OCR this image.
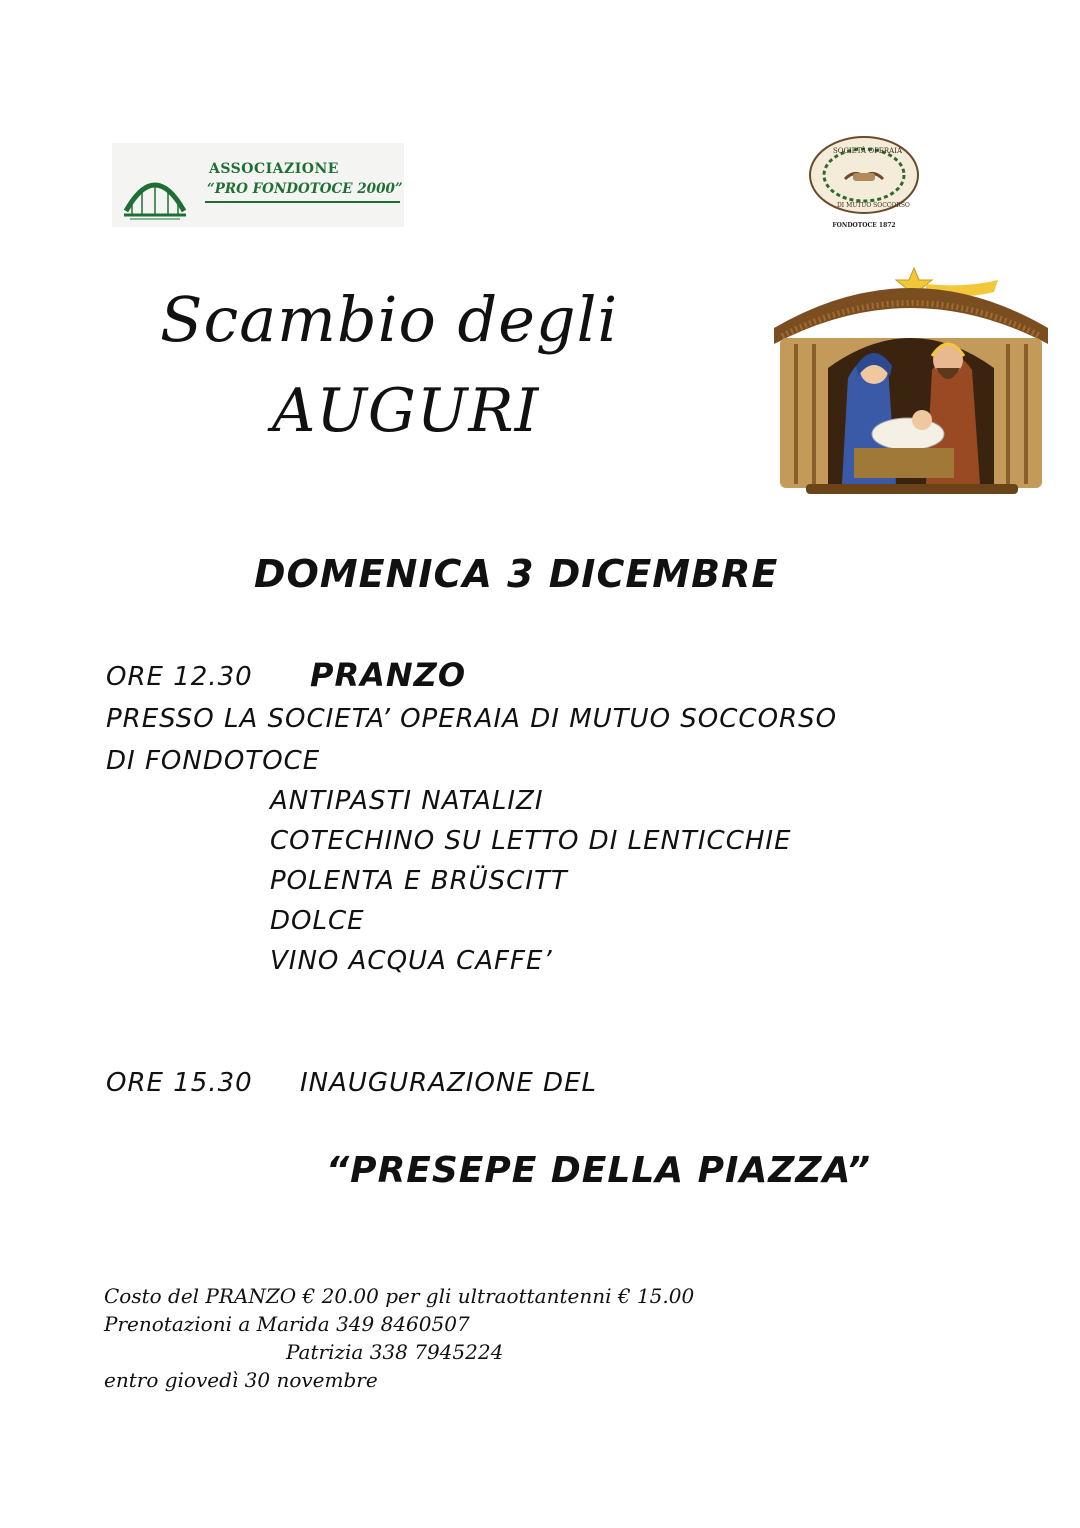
ASSOCIAZIONE
“PRO FONDOTOCE 2000”
SOCIETÀ OPERAIA
DI MUTUO SOCCORSO
FONDOTOCE 1872
Scambio degli
AUGURI
DOMENICA 3 DICEMBRE
ORE 12.30 PRANZO
PRESSO LA SOCIETA’ OPERAIA DI MUTUO SOCCORSO
DI FONDOTOCE
ANTIPASTI NATALIZI
COTECHINO SU LETTO DI LENTICCHIE
POLENTA E BRÜSCITT
DOLCE
VINO ACQUA CAFFE’
ORE 15.30 INAUGURAZIONE DEL
“PRESEPE DELLA PIAZZA”
Costo del PRANZO € 20.00 per gli ultraottantenni € 15.00
Prenotazioni a Marida 349 8460507
Patrizia 338 7945224
entro giovedì 30 novembre
